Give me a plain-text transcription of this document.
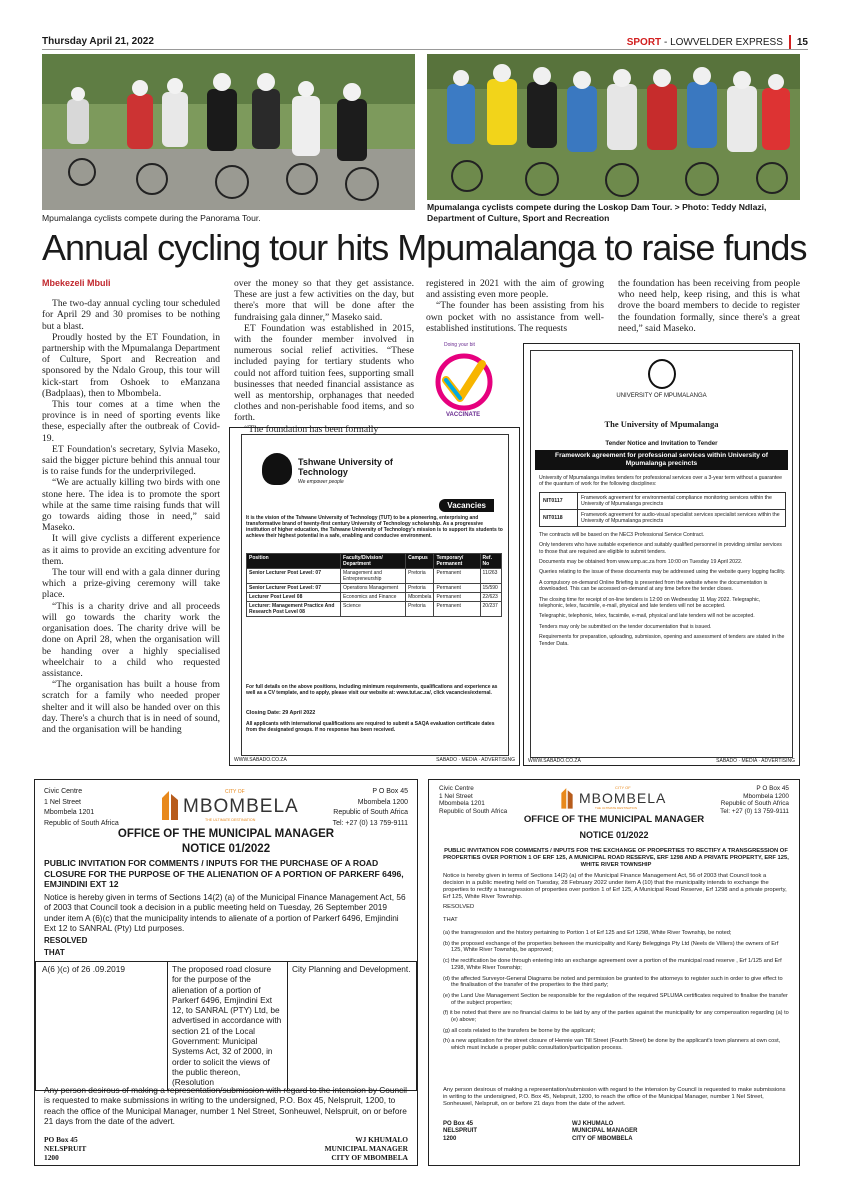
Thursday April 21, 2022	SPORT - LOWVELDER EXPRESS 15
Mpumalanga cyclists compete during the Panorama Tour.
Mpumalanga cyclists compete during the Loskop Dam Tour. > Photo: Teddy Ndlazi, Department of Culture, Sport and Recreation
Annual cycling tour hits Mpumalanga to raise funds

Mbekezeli Mbuli

The two-day annual cycling tour scheduled for April 29 and 30 promises to be nothing but a blast.

Proudly hosted by the ET Foundation, in partnership with the Mpumalanga Department of Culture, Sport and Recreation and sponsored by the Ndalo Group, this tour will kick-start from Oshoek to eManzana (Badplaas), then to Mbombela.

This tour comes at a time when the province is in need of sporting events like these, especially after the outbreak of Covid-19.

ET Foundation's secretary, Sylvia Maseko, said the bigger picture behind this annual tour is to raise funds for the underprivileged.

“We are actually killing two birds with one stone here. The idea is to promote the sport while at the same time raising funds that will go towards aiding those in need,” said Maseko.

It will give cyclists a different experience as it aims to provide an exciting adventure for them.

The tour will end with a gala dinner during which a prize-giving ceremony will take place.

“This is a charity drive and all proceeds will go towards the charity work the organisation does. The charity drive will be done on April 28, when the organisation will be handing over a highly specialised wheelchair to a child who requested assistance.

“The organisation has built a house from scratch for a family who needed proper shelter and it will also be handed over on this day. There's a church that is in need of sound, and the organisation will be handing

over the money so that they get assistance. These are just a few activities on the day, but there's more that will be done after the fundraising gala dinner,” Maseko said.

ET Foundation was established in 2015, with the founder member involved in numerous social relief activities. “These included paying for tertiary students who could not afford tuition fees, supporting small businesses that needed financial assistance as well as mentorship, orphanages that needed clothes and non-perishable food items, and so forth.

“The foundation has been formally

registered in 2021 with the aim of growing and assisting even more people.

“The founder has been assisting from his own pocket with no assistance from well-established institutions. The requests

the foundation has been receiving from people who need help, keep rising, and this is what drove the board members to decide to register the foundation formally, since there's a great need,” said Maseko.

Doing your bit
VACCINATE
Tshwane University of Technology
We empower people
Vacancies
It is the vision of the Tshwane University of Technology (TUT) to be a pioneering, enterprising and transformative brand of twenty-first century University of Technology scholarship. As a progressive institution of higher education, the Tshwane University of Technology's mission is to support its students to achieve their highest potential in a safe, enabling and conducive environment.
Position	Faculty/Division/ Department	Campus	Temporary/ Permanent	Ref. No
Senior Lecturer Post Level: 07	Management and Entrepreneurship	Pretoria	Permanent	11/263
Senior Lecturer Post Level: 07	Operations Management	Pretoria	Permanent	15/590
Lecturer Post Level 08	Economics and Finance	Mbombela	Permanent	22/623
Lecturer: Management Practice And Research Post Level 08	Science	Pretoria	Permanent	20/237
For full details on the above positions, including minimum requirements, qualifications and experience as well as a CV template, and to apply, please visit our website at: www.tut.ac.za/, click vacancies/external.
Closing Date: 29 April 2022
All applicants with international qualifications are required to submit a SAQA evaluation certificate dates from the designated groups. If no response has been received.
WWW.SABADO.CO.ZA	SABADO · MEDIA · ADVERTISING
UNIVERSITY OF MPUMALANGA
The University of Mpumalanga
Tender Notice and Invitation to Tender
Framework agreement for professional services within University of Mpumalanga precincts

University of Mpumalanga invites tenders for professional services over a 3-year term without a guarantee of the quantum of work for the following disciplines:

NIT0117	Framework agreement for environmental compliance monitoring services within the University of Mpumalanga precincts
NIT0118	Framework agreement for audio-visual specialist services specialist services within the University of Mpumalanga precincts

The contracts will be based on the NEC3 Professional Service Contract.

Only tenderers who have suitable experience and suitably qualified personnel in providing similar services to those that are required are eligible to submit tenders.

Documents may be obtained from www.ump.ac.za from 10:00 on Tuesday 19 April 2022.

Queries relating to the issue of these documents may be addressed using the website query logging facility.

A compulsory on-demand Online Briefing is presented from the website where the documentation is downloaded. This can be accessed on-demand at any time before the tender closes.

The closing time for receipt of on-line tenders is 12:00 on Wednesday 11 May 2022. Telegraphic, telephonic, telex, facsimile, e-mail, physical and late tenders will not be accepted.

Telegraphic, telephonic, telex, facsimile, e-mail, physical and late tenders will not be accepted.

Tenders may only be submitted on the tender documentation that is issued.

Requirements for preparation, uploading, submission, opening and assessment of tenders are stated in the Tender Data.

WWW.SABADO.CO.ZA	SABADO · MEDIA · ADVERTISING
Civic Centre
1 Nel Street
Mbombela 1201
Republic of South Africa
P O Box 45
Mbombela 1200
Republic of South Africa
Tel: +27 (0) 13 759-9111
CITY OF
MBOMBELA
THE ULTIMATE DESTINATION
OFFICE OF THE MUNICIPAL MANAGER
NOTICE 01/2022
PUBLIC INVITATION FOR COMMENTS / INPUTS FOR THE PURCHASE OF A ROAD CLOSURE FOR THE PURPOSE OF THE ALIENATION OF A PORTION OF PARKERF 6496, EMJINDINI EXT 12
Notice is hereby given in terms of Sections 14(2) (a) of the Municipal Finance Management Act, 56 of 2003 that Council took a decision in a public meeting held on Tuesday, 26 September 2019 under item A (6)(c) that the municipality intends to alienate of a portion of Parkerf 6496, Emjindini Ext 12 to SANRAL (Pty) Ltd purposes.
RESOLVED
THAT
A(6 )(c) of 26 .09.2019	The proposed road closure for the purpose of the alienation of a portion of Parkerf 6496, Emjindini Ext 12, to SANRAL (PTY) Ltd, be advertised in accordance with section 21 of the Local Government: Municipal Systems Act, 32 of 2000, in order to solicit the views of the public thereon, (Resolution	City Planning and Development.
Any person desirous of making a representation/submission with regard to the intension by Council is requested to make submissions in writing to the undersigned, P.O. Box 45, Nelspruit, 1200, to reach the office of the Municipal Manager, number 1 Nel Street, Sonheuwel, Nelspruit, on or before 21 days from the date of the advert.
PO Box 45
NELSPRUIT
1200
WJ KHUMALO
MUNICIPAL MANAGER
CITY OF MBOMBELA
Civic Centre
1 Nel Street
Mbombela 1201
Republic of South Africa
P O Box 45
Mbombela 1200
Republic of South Africa
Tel: +27 (0) 13 759-9111
CITY OF
MBOMBELA
THE ULTIMATE DESTINATION
OFFICE OF THE MUNICIPAL MANAGER
NOTICE 01/2022
PUBLIC INVITATION FOR COMMENTS / INPUTS FOR THE EXCHANGE OF PROPERTIES TO RECTIFY A TRANSGRESSION OF PROPERTIES OVER PORTION 1 OF ERF 125, A MUNICIPAL ROAD RESERVE, ERF 1298 AND A PRIVATE PROPERTY, ERF 125, WHITE RIVER TOWNSHIP
Notice is hereby given in terms of Sections 14(2) (a) of the Municipal Finance Management Act, 56 of 2003 that Council took a decision in a public meeting held on Tuesday, 28 February 2022 under item A (10) that the municipality intends to exchange the properties to rectify a transgression of properties over portion 1 of Erf 125, A Municipal Road Reserve, Erf 1298 and a private property, Erf 125, White River Township.
RESOLVED
THAT
(a) the transgression and the history pertaining to Portion 1 of Erf 125 and Erf 1298, White River Township, be noted;
(b) the proposed exchange of the properties between the municipality and Kanjy Beleggings Pty Ltd (Neels de Villiers) the owners of Erf 125, White River Township, be approved;
(c) the rectification be done through entering into an exchange agreement over a portion of the municipal road reserve , Erf 1/125 and Erf 1298, White River Township;
(d) the affected Surveyor-General Diagrams be noted and permission be granted to the attorneys to register such in order to give effect to the finalisation of the transfer of the properties to the third party;
(e) the Land Use Management Section be responsible for the regulation of the required SPLUMA certificates required to finalise the transfer of the subject properties;
(f) it be noted that there are no financial claims to be laid by any of the parties against the municipality for any compensation regarding (a) to (e) above;
(g) all costs related to the transfers be borne by the applicant;
(h) a new application for the street closure of Hennie van Till Street (Fourth Street) be done by the applicant's town planners at own cost, which must include a proper public consultation/participation process.
Any person desirous of making a representation/submission with regard to the intension by Council is requested to make submissions in writing to the undersigned, P.O. Box 45, Nelspruit, 1200, to reach the office of the Municipal Manager, number 1 Nel Street, Sonheuwel, Nelspruit, on or before 21 days from the date of the advert.
PO Box 45
NELSPRUIT
1200
WJ KHUMALO
MUNICIPAL MANAGER
CITY OF MBOMBELA
